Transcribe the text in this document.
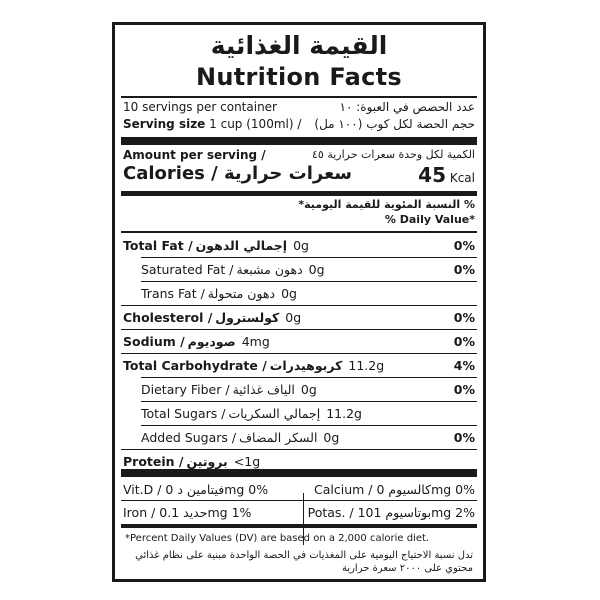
القيمة الغذائية
Nutrition Facts
10 servings per container	عدد الحصص في العبوة: ١٠
Serving size 1 cup (100ml) / حجم الحصة لكل كوب (١٠٠ مل)
Amount per serving /	الكمية لكل وحدة سعرات حرارية ٤٥
Calories / سعرات حرارية	45 Kcal
% النسبة المئوية للقيمة اليومية*
% Daily Value*
Total Fat / إجمالي الدهون 0g	0%
Saturated Fat / دهون مشبعة 0g	0%
Trans Fat / دهون متحولة 0g
Cholesterol / كولسترول 0g	0%
Sodium / صوديوم 4mg	0%
Total Carbohydrate / كربوهيدرات 11.2g	4%
Dietary Fiber / الياف غذائية 0g	0%
Total Sugars / إجمالي السكريات 11.2g
Added Sugars / السكر المضاف 0g	0%
Protein / بروتين <1g
Vit.D / فيتامين د 0mg 0%	Calcium / كالسيوم 0mg 0%
Iron / حديد 0.1mg 1%	Potas. / بوتاسيوم 101mg 2%
*Percent Daily Values (DV) are based on a 2,000 calorie diet.
تدل نسبة الاحتياج اليومية على المغذيات في الحصة الواحدة مبنية على نظام غذائي محتوي على ٢٠٠٠ سعرة حرارية
